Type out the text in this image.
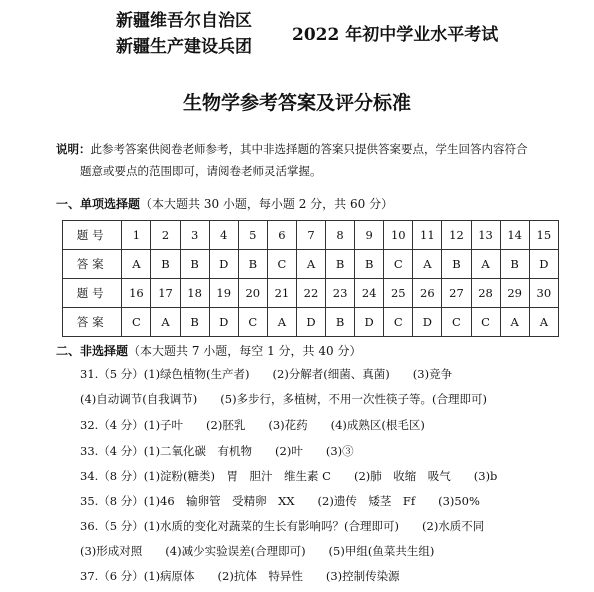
新疆维吾尔自治区
新疆生产建设兵团
2022 年初中学业水平考试
生物学参考答案及评分标准
说明：此参考答案供阅卷老师参考，其中非选择题的答案只提供答案要点，学生回答内容符合
题意或要点的范围即可，请阅卷老师灵活掌握。
一、单项选择题（本大题共 30 小题，每小题 2 分，共 60 分）
题号	1	2	3	4	5	6	7	8	9	10	11	12	13	14	15
答案	A	B	B	D	B	C	A	B	B	C	A	B	A	B	D
题号	16	17	18	19	20	21	22	23	24	25	26	27	28	29	30
答案	C	A	B	D	C	A	D	B	D	C	D	C	C	A	A
二、非选择题（本大题共 7 小题，每空 1 分，共 40 分）
31.（5 分）(1)绿色植物(生产者)　　(2)分解者(细菌、真菌)　　(3)竞争
(4)自动调节(自我调节)　　(5)多步行，多植树，不用一次性筷子等。(合理即可)
32.（4 分）(1)子叶　　(2)胚乳　　(3)花药　　(4)成熟区(根毛区)
33.（4 分）(1)二氧化碳　有机物　　(2)叶　　(3)③
34.（8 分）(1)淀粉(糖类)　胃　胆汁　维生素 C　　(2)肺　收缩　吸气　　(3)b
35.（8 分）(1)46　输卵管　受精卵　XX　　(2)遗传　矮茎　Ff　　(3)50%
36.（5 分）(1)水质的变化对蔬菜的生长有影响吗？(合理即可)　　(2)水质不同
(3)形成对照　　(4)减少实验误差(合理即可)　　(5)甲组(鱼菜共生组)
37.（6 分）(1)病原体　　(2)抗体　特异性　　(3)控制传染源
